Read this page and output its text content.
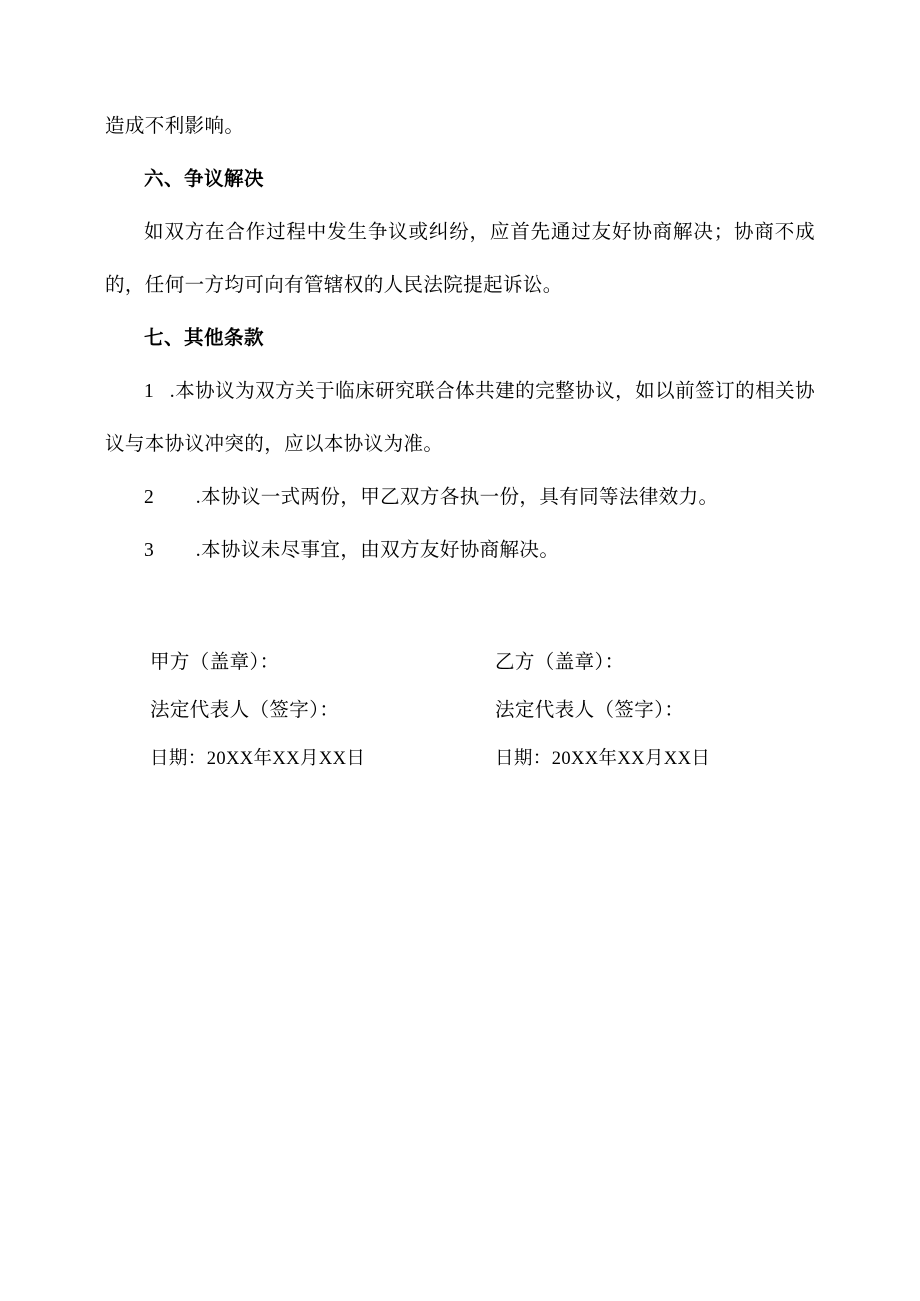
造成不利影响。

六、争议解决

如双方在合作过程中发生争议或纠纷，应首先通过友好协商解决；协商不成的，任何一方均可向有管辖权的人民法院提起诉讼。

七、其他条款

1 .本协议为双方关于临床研究联合体共建的完整协议，如以前签订的相关协议与本协议冲突的，应以本协议为准。

2 .本协议一式两份，甲乙双方各执一份，具有同等法律效力。

3 .本协议未尽事宜，由双方友好协商解决。

甲方（盖章）：	乙方（盖章）：
法定代表人（签字）：	法定代表人（签字）：
日期：20XX年XX月XX日	日期：20XX年XX月XX日
